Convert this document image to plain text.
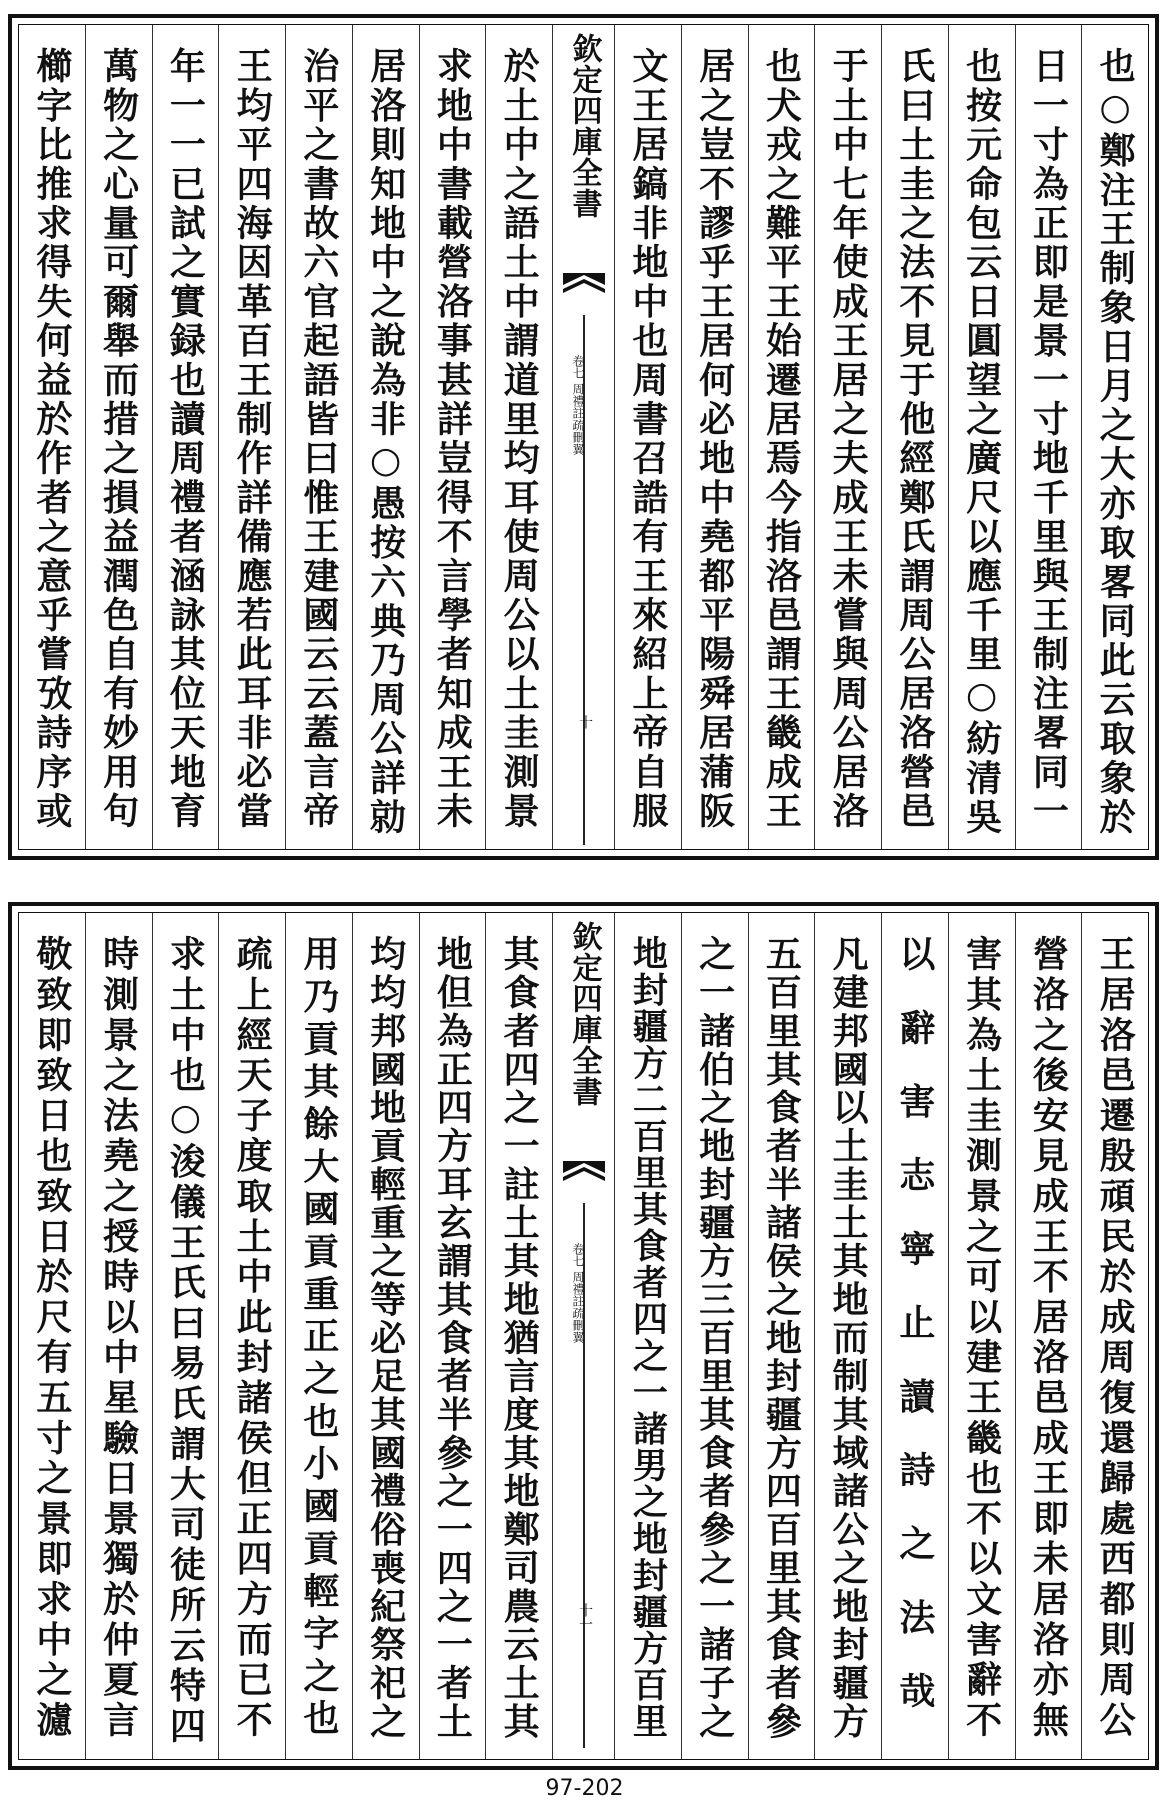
也○鄭注王制象日月之大亦取畧同此云取象於
日一寸為正即是景一寸地千里與王制注畧同一
也按元命包云日圓望之廣尺以應千里○紡清吳
氏曰土圭之法不見于他經鄭氏謂周公居洛營邑
于土中七年使成王居之夫成王未嘗與周公居洛
也犬戎之難平王始遷居焉今指洛邑謂王畿成王
居之豈不謬乎王居何必地中堯都平陽舜居蒲阪
文王居鎬非地中也周書召誥有王來紹上帝自服
欽定四庫全書
周禮註疏刪翼
卷七
十
於土中之語土中謂道里均耳使周公以土圭測景
求地中書載營洛事甚詳豈得不言學者知成王未
居洛則知地中之說為非○愚按六典乃周公詳勍
治平之書故六官起語皆曰惟王建國云云蓋言帝
王均平四海因革百王制作詳備應若此耳非必當
年一一已試之實録也讀周禮者涵詠其位天地育
萬物之心量可爾舉而措之損益潤色自有妙用句
櫛字比推求得失何益於作者之意乎嘗攷詩序或
王居洛邑遷殷頑民於成周復還歸處西都則周公
營洛之後安見成王不居洛邑成王即未居洛亦無
害其為土圭測景之可以建王畿也不以文害辭不
以辭害志寧止讀詩之法哉
凡建邦國以土圭土其地而制其域諸公之地封疆方
五百里其食者半諸侯之地封疆方四百里其食者參
之一諸伯之地封疆方三百里其食者參之一諸子之
地封疆方二百里其食者四之一諸男之地封疆方百里
欽定四庫全書
周禮註疏刪翼
卷七
十一
其食者四之一註土其地猶言度其地鄭司農云土其
地但為正四方耳玄謂其食者半參之一四之一者土
均均邦國地貢輕重之等必足其國禮俗喪紀祭祀之
用乃貢其餘大國貢重正之也小國貢輕字之也
疏上經天子度取土中此封諸侯但正四方而已不
求土中也○浚儀王氏曰易氏謂大司徒所云特四
時測景之法堯之授時以中星驗日景獨於仲夏言
敬致即致日也致日於尺有五寸之景即求中之濾
97-202
